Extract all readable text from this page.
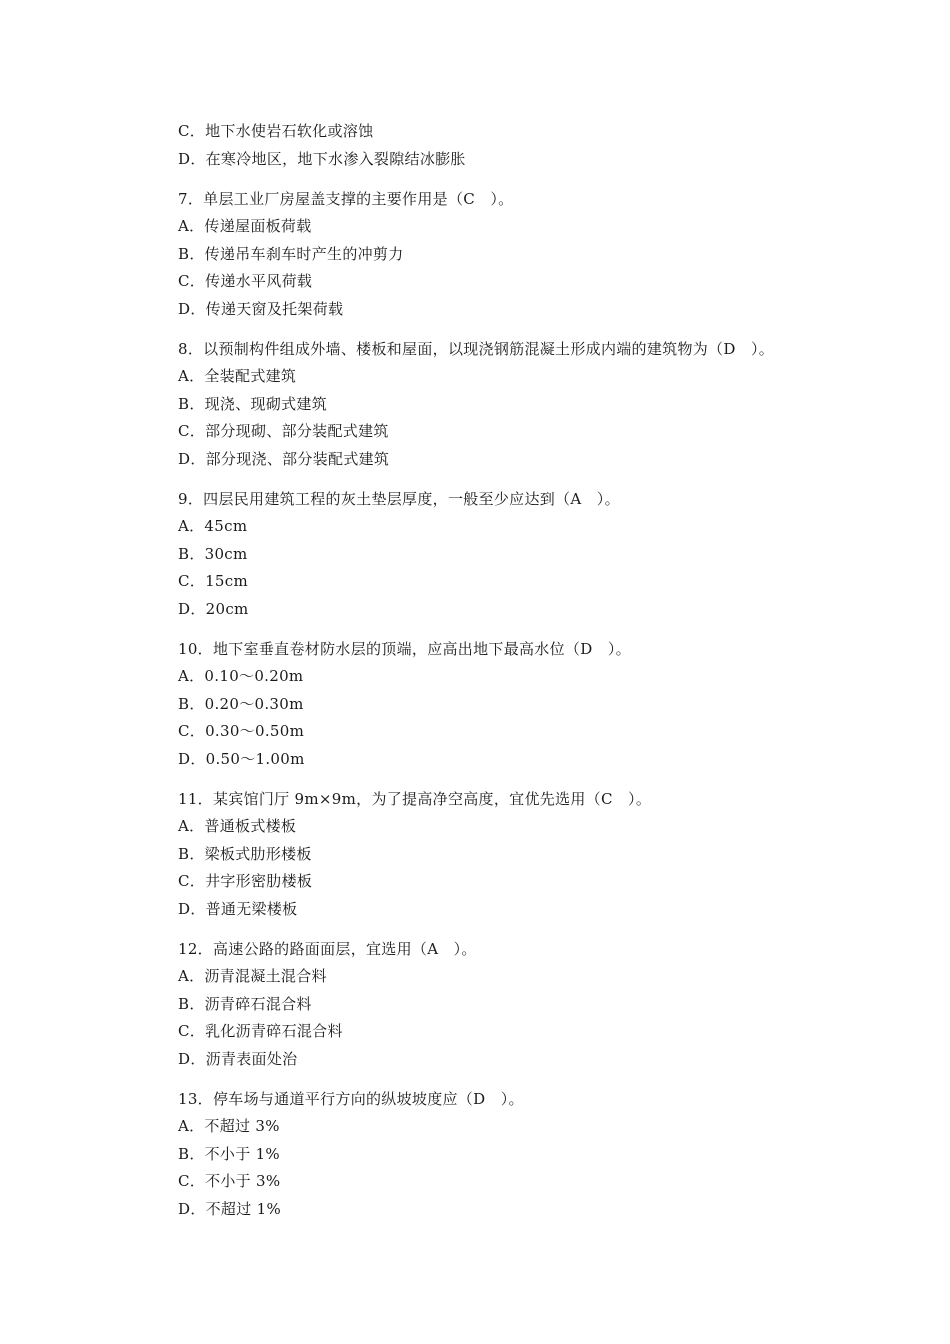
C．地下水使岩石软化或溶蚀
D．在寒冷地区，地下水渗入裂隙结冰膨胀
7．单层工业厂房屋盖支撑的主要作用是（C　）。
A．传递屋面板荷载
B．传递吊车刹车时产生的冲剪力
C．传递水平风荷载
D．传递天窗及托架荷载
8．以预制构件组成外墙、楼板和屋面，以现浇钢筋混凝土形成内端的建筑物为（D　）。
A．全装配式建筑
B．现浇、现砌式建筑
C．部分现砌、部分装配式建筑
D．部分现浇、部分装配式建筑
9．四层民用建筑工程的灰土垫层厚度，一般至少应达到（A　）。
A．45cm
B．30cm
C．15cm
D．20cm
10．地下室垂直卷材防水层的顶端，应高出地下最高水位（D　）。
A．0.10～0.20m
B．0.20～0.30m
C．0.30～0.50m
D．0.50～1.00m
11．某宾馆门厅 9m×9m，为了提高净空高度，宜优先选用（C　）。
A．普通板式楼板
B．梁板式肋形楼板
C．井字形密肋楼板
D．普通无梁楼板
12．高速公路的路面面层，宜选用（A　）。
A．沥青混凝土混合料
B．沥青碎石混合料
C．乳化沥青碎石混合料
D．沥青表面处治
13．停车场与通道平行方向的纵坡坡度应（D　）。
A．不超过 3%
B．不小于 1%
C．不小于 3%
D．不超过 1%
